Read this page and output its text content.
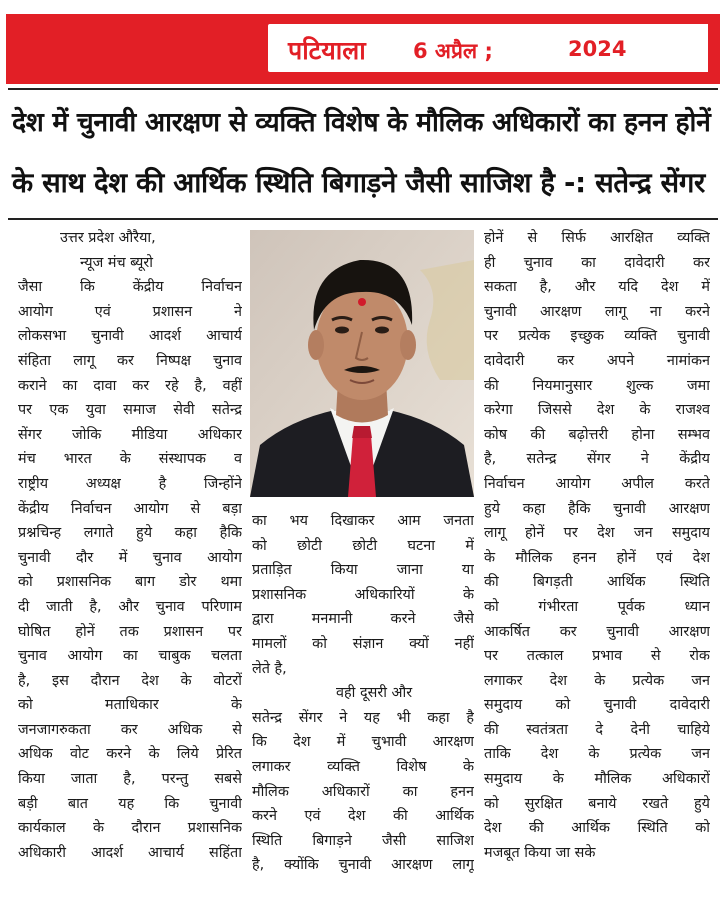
पटियाला 6 अप्रैल ;	2024
देश में चुनावी आरक्षण से व्यक्ति विशेष के मौलिक अधिकारों का हनन होनें
के साथ देश की आर्थिक स्थिति बिगाड़ने जैसी साजिश है -: सतेन्द्र सेंगर
उत्तर प्रदेश औरैया,
न्यूज मंच ब्यूरो
जैसा कि केंद्रीय निर्वाचन
आयोग एवं प्रशासन ने
लोकसभा चुनावी आदर्श आचार्य
संहिता लागू कर निष्पक्ष चुनाव
कराने का दावा कर रहे है, वहीं
पर एक युवा समाज सेवी सतेन्द्र
सेंगर जोकि मीडिया अधिकार
मंच भारत के संस्थापक व
राष्ट्रीय अध्यक्ष है जिन्होंने
केंद्रीय निर्वाचन आयोग से बड़ा
प्रश्नचिन्ह लगाते हुये कहा हैकि
चुनावी दौर में चुनाव आयोग
को प्रशासनिक बाग डोर थमा
दी जाती है, और चुनाव परिणाम
घोषित होनें तक प्रशासन पर
चुनाव आयोग का चाबुक चलता
है, इस दौरान देश के वोटरों
को मताधिकार के
जनजागरुकता कर अधिक से
अधिक वोट करने के लिये प्रेरित
किया जाता है, परन्तु सबसे
बड़ी बात यह कि चुनावी
कार्यकाल के दौरान प्रशासनिक
अधिकारी आदर्श आचार्य सहिंता
का भय दिखाकर आम जनता
को छोटी छोटी घटना में
प्रताड़ित किया जाना या
प्रशासनिक अधिकारियों के
द्वारा मनमानी करने जैसे
मामलों को संज्ञान क्यों नहीं
लेते है,
वही दूसरी और
सतेन्द्र सेंगर ने यह भी कहा है
कि देश में चुभावी आरक्षण
लगाकर व्यक्ति विशेष के
मौलिक अधिकारों का हनन
करने एवं देश की आर्थिक
स्थिति बिगाड़ने जैसी साजिश
है, क्योंकि चुनावी आरक्षण लागू
होनें से सिर्फ आरक्षित व्यक्ति
ही चुनाव का दावेदारी कर
सकता है, और यदि देश में
चुनावी आरक्षण लागू ना करने
पर प्रत्येक इच्छुक व्यक्ति चुनावी
दावेदारी कर अपने नामांकन
की नियमानुसार शुल्क जमा
करेगा जिससे देश के राजश्व
कोष की बढ़ोत्तरी होना सम्भव
है, सतेन्द्र सेंगर ने केंद्रीय
निर्वाचन आयोग अपील करते
हुये कहा हैकि चुनावी आरक्षण
लागू होनें पर देश जन समुदाय
के मौलिक हनन होनें एवं देश
की बिगड़ती आर्थिक स्थिति
को गंभीरता पूर्वक ध्यान
आकर्षित कर चुनावी आरक्षण
पर तत्काल प्रभाव से रोक
लगाकर देश के प्रत्येक जन
समुदाय को चुनावी दावेदारी
की स्वतंत्रता दे देनी चाहिये
ताकि देश के प्रत्येक जन
समुदाय के मौलिक अधिकारों
को सुरक्षित बनाये रखते हुये
देश की आर्थिक स्थिति को
मजबूत किया जा सके
